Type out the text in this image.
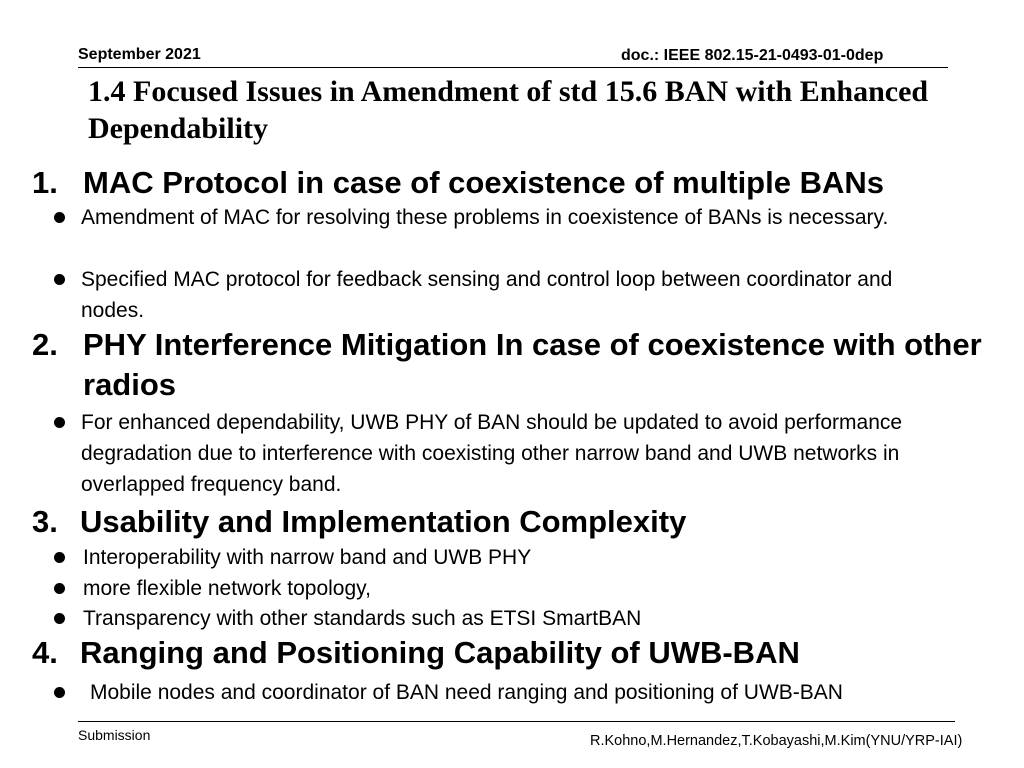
September 2021	doc.: IEEE 802.15-21-0493-01-0dep
1.4 Focused Issues in Amendment of std 15.6 BAN with Enhanced Dependability
1. MAC Protocol in case of coexistence of multiple BANs
Amendment of MAC for resolving these problems in coexistence of BANs is necessary.
Specified MAC protocol for feedback sensing and control loop between coordinator and nodes.
2. PHY Interference Mitigation In case of coexistence with other radios
For enhanced dependability, UWB PHY of BAN should be updated to avoid performance degradation due to interference with coexisting other narrow band and UWB networks in overlapped frequency band.
3. Usability and Implementation Complexity
Interoperability with narrow band and UWB PHY
more flexible network topology,
Transparency with other standards such as ETSI SmartBAN
4. Ranging and Positioning Capability of UWB-BAN
Mobile nodes and coordinator of BAN need ranging and positioning of UWB-BAN
Submission	R.Kohno,M.Hernandez,T.Kobayashi,M.Kim(YNU/YRP-IAI)
